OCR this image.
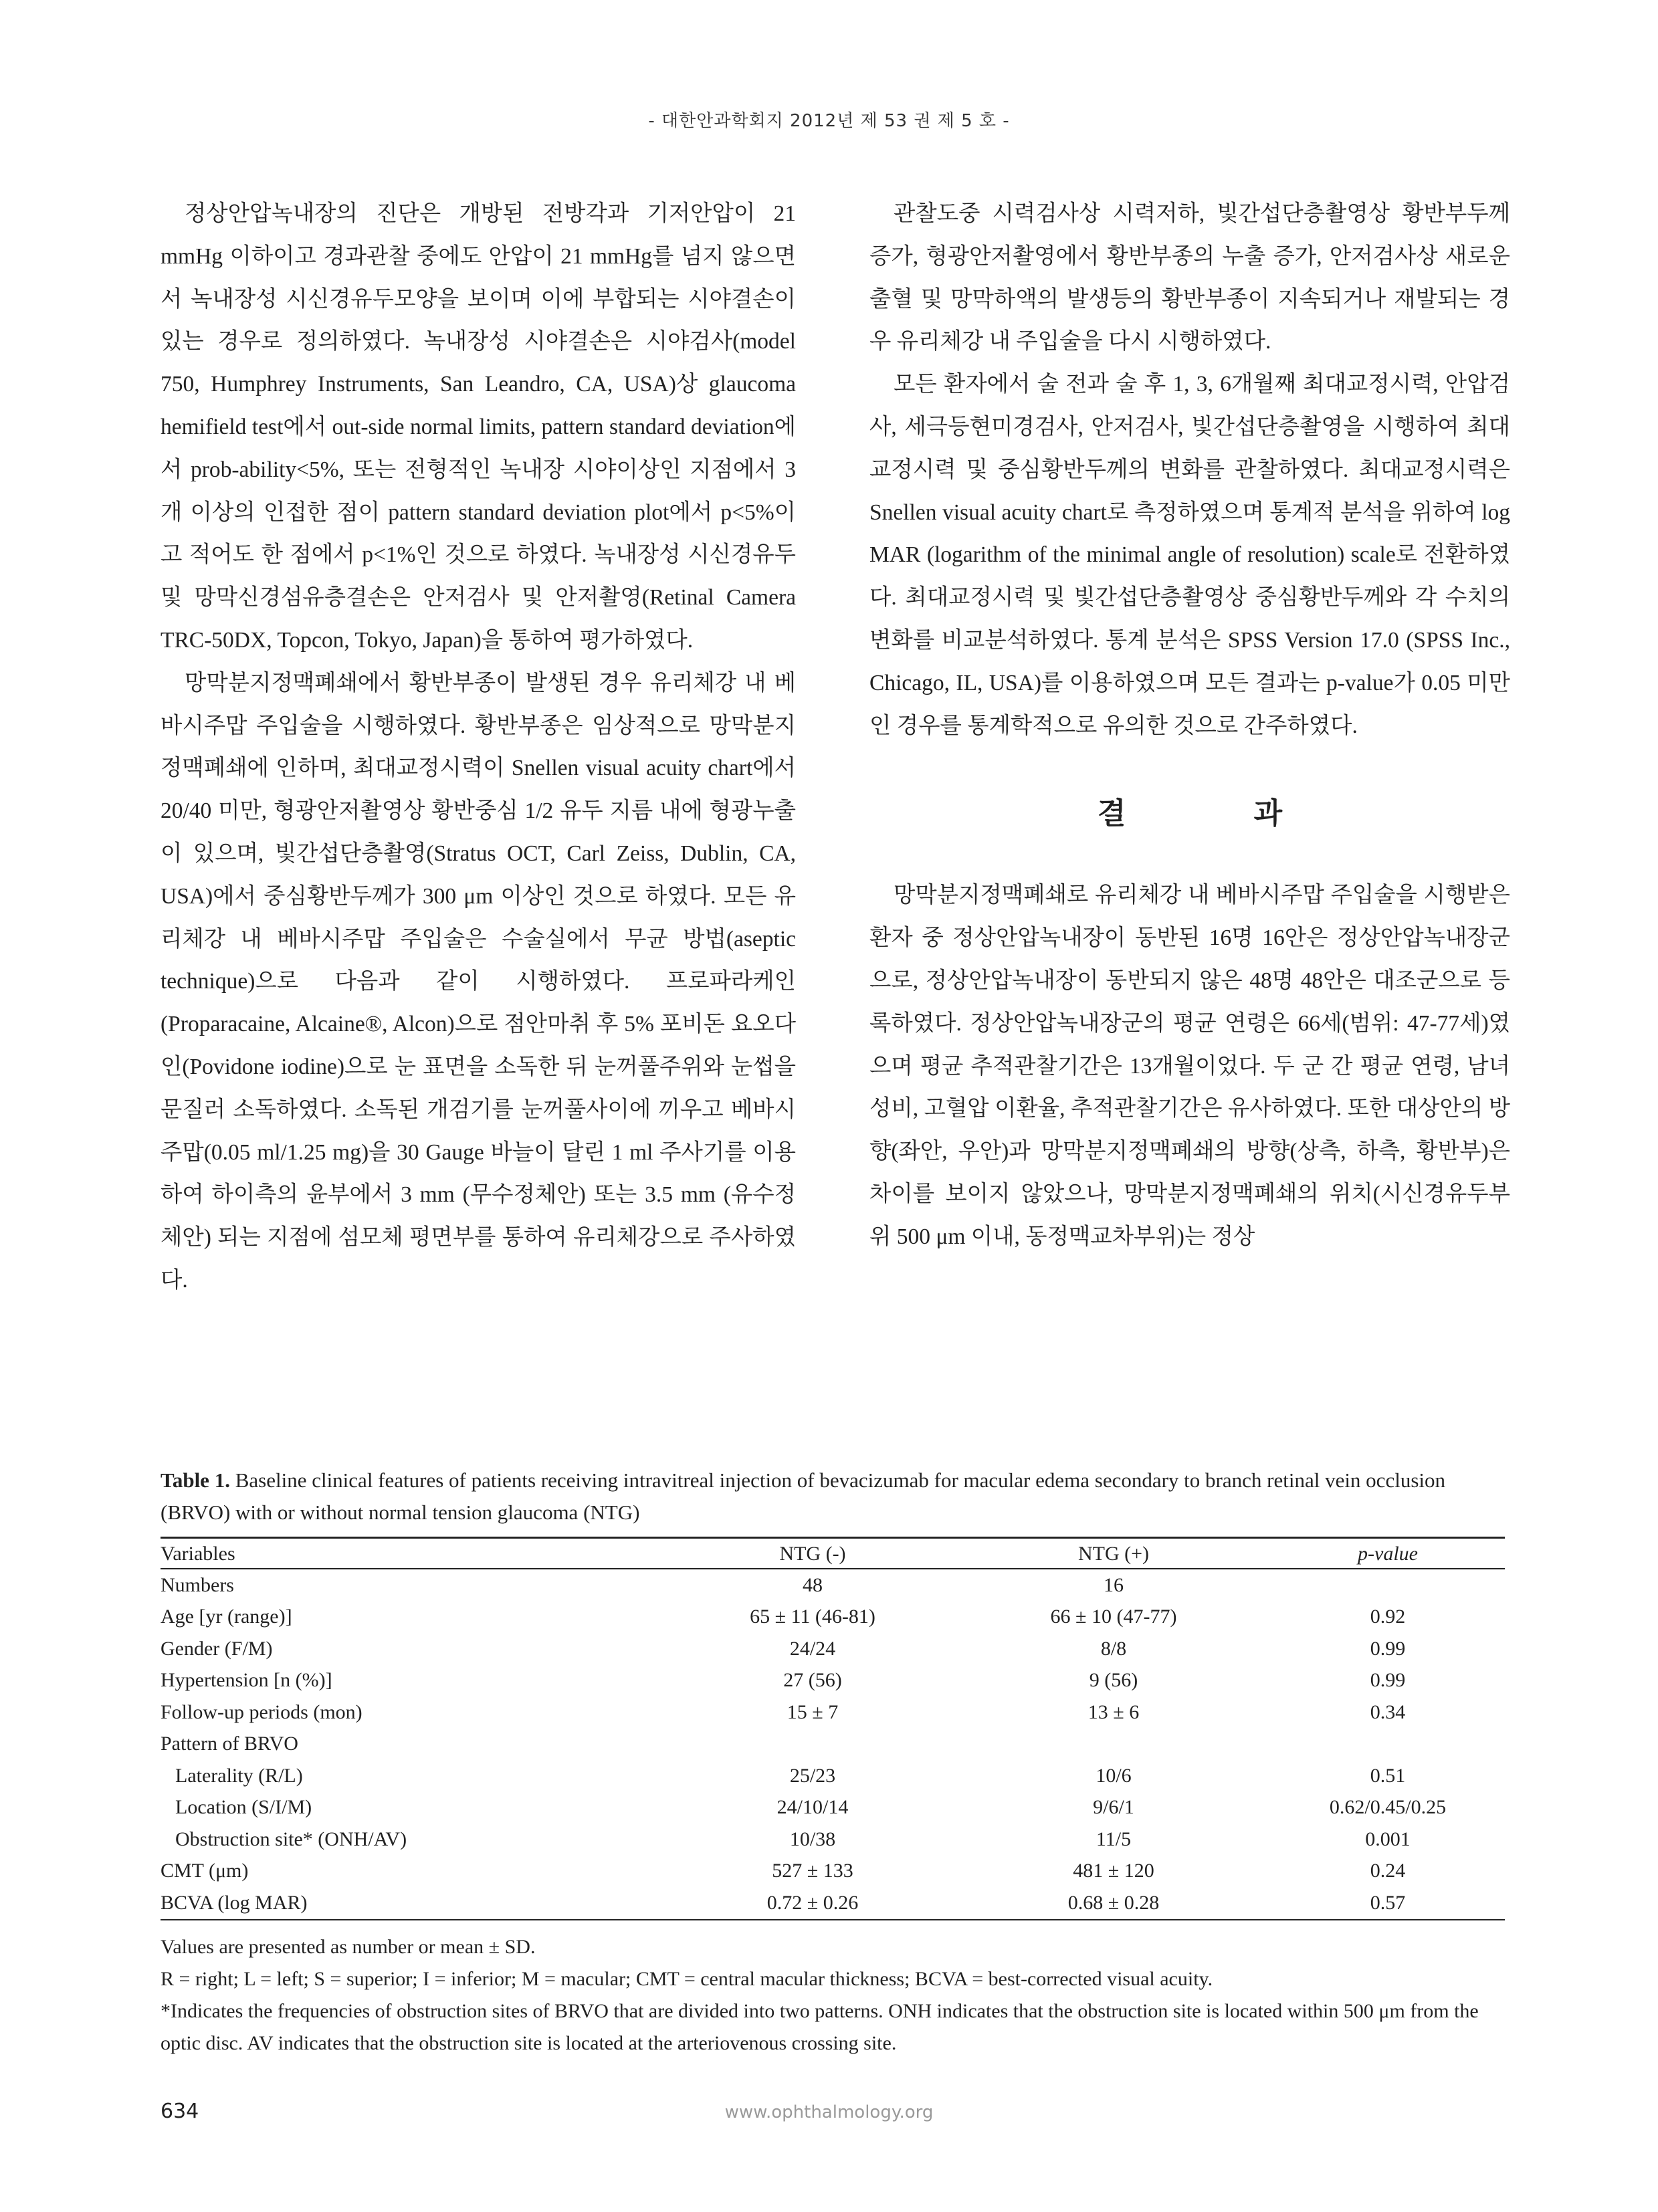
- 대한안과학회지 2012년 제 53 권 제 5 호 -

정상안압녹내장의 진단은 개방된 전방각과 기저안압이 21 mmHg 이하이고 경과관찰 중에도 안압이 21 mmHg를 넘지 않으면서 녹내장성 시신경유두모양을 보이며 이에 부합되는 시야결손이 있는 경우로 정의하였다. 녹내장성 시야결손은 시야검사(model 750, Humphrey Instruments, San Leandro, CA, USA)상 glaucoma hemifield test에서 out-side normal limits, pattern standard deviation에서 prob-ability<5%, 또는 전형적인 녹내장 시야이상인 지점에서 3개 이상의 인접한 점이 pattern standard deviation plot에서 p<5%이고 적어도 한 점에서 p<1%인 것으로 하였다. 녹내장성 시신경유두 및 망막신경섬유층결손은 안저검사 및 안저촬영(Retinal Camera TRC-50DX, Topcon, Tokyo, Japan)을 통하여 평가하였다.

망막분지정맥폐쇄에서 황반부종이 발생된 경우 유리체강 내 베바시주맙 주입술을 시행하였다. 황반부종은 임상적으로 망막분지정맥폐쇄에 인하며, 최대교정시력이 Snellen visual acuity chart에서 20/40 미만, 형광안저촬영상 황반중심 1/2 유두 지름 내에 형광누출이 있으며, 빛간섭단층촬영(Stratus OCT, Carl Zeiss, Dublin, CA, USA)에서 중심황반두께가 300 μm 이상인 것으로 하였다. 모든 유리체강 내 베바시주맙 주입술은 수술실에서 무균 방법(aseptic technique)으로 다음과 같이 시행하였다. 프로파라케인(Proparacaine, Alcaine®, Alcon)으로 점안마취 후 5% 포비돈 요오다인(Povidone iodine)으로 눈 표면을 소독한 뒤 눈꺼풀주위와 눈썹을 문질러 소독하였다. 소독된 개검기를 눈꺼풀사이에 끼우고 베바시주맙(0.05 ml/1.25 mg)을 30 Gauge 바늘이 달린 1 ml 주사기를 이용하여 하이측의 윤부에서 3 mm (무수정체안) 또는 3.5 mm (유수정체안) 되는 지점에 섬모체 평면부를 통하여 유리체강으로 주사하였다.

관찰도중 시력검사상 시력저하, 빛간섭단층촬영상 황반부두께 증가, 형광안저촬영에서 황반부종의 누출 증가, 안저검사상 새로운 출혈 및 망막하액의 발생등의 황반부종이 지속되거나 재발되는 경우 유리체강 내 주입술을 다시 시행하였다.

모든 환자에서 술 전과 술 후 1, 3, 6개월째 최대교정시력, 안압검사, 세극등현미경검사, 안저검사, 빛간섭단층촬영을 시행하여 최대교정시력 및 중심황반두께의 변화를 관찰하였다. 최대교정시력은 Snellen visual acuity chart로 측정하였으며 통계적 분석을 위하여 log MAR (logarithm of the minimal angle of resolution) scale로 전환하였다. 최대교정시력 및 빛간섭단층촬영상 중심황반두께와 각 수치의 변화를 비교분석하였다. 통계 분석은 SPSS Version 17.0 (SPSS Inc., Chicago, IL, USA)를 이용하였으며 모든 결과는 p-value가 0.05 미만인 경우를 통계학적으로 유의한 것으로 간주하였다.

결 과

망막분지정맥폐쇄로 유리체강 내 베바시주맙 주입술을 시행받은 환자 중 정상안압녹내장이 동반된 16명 16안은 정상안압녹내장군으로, 정상안압녹내장이 동반되지 않은 48명 48안은 대조군으로 등록하였다. 정상안압녹내장군의 평균 연령은 66세(범위: 47-77세)였으며 평균 추적관찰기간은 13개월이었다. 두 군 간 평균 연령, 남녀성비, 고혈압 이환율, 추적관찰기간은 유사하였다. 또한 대상안의 방향(좌안, 우안)과 망막분지정맥폐쇄의 방향(상측, 하측, 황반부)은 차이를 보이지 않았으나, 망막분지정맥폐쇄의 위치(시신경유두부위 500 μm 이내, 동정맥교차부위)는 정상

Table 1. Baseline clinical features of patients receiving intravitreal injection of bevacizumab for macular edema secondary to branch retinal vein occlusion (BRVO) with or without normal tension glaucoma (NTG)
Variables	NTG (-)	NTG (+)	p-value
Numbers	48	16	
Age [yr (range)]	65 ± 11 (46-81)	66 ± 10 (47-77)	0.92
Gender (F/M)	24/24	8/8	0.99
Hypertension [n (%)]	27 (56)	9 (56)	0.99
Follow-up periods (mon)	15 ± 7	13 ± 6	0.34
Pattern of BRVO			
Laterality (R/L)	25/23	10/6	0.51
Location (S/I/M)	24/10/14	9/6/1	0.62/0.45/0.25
Obstruction site* (ONH/AV)	10/38	11/5	0.001
CMT (μm)	527 ± 133	481 ± 120	0.24
BCVA (log MAR)	0.72 ± 0.26	0.68 ± 0.28	0.57
Values are presented as number or mean ± SD.
R = right; L = left; S = superior; I = inferior; M = macular; CMT = central macular thickness; BCVA = best-corrected visual acuity.
*Indicates the frequencies of obstruction sites of BRVO that are divided into two patterns. ONH indicates that the obstruction site is located within 500 μm from the optic disc. AV indicates that the obstruction site is located at the arteriovenous crossing site.
634	www.ophthalmology.org
